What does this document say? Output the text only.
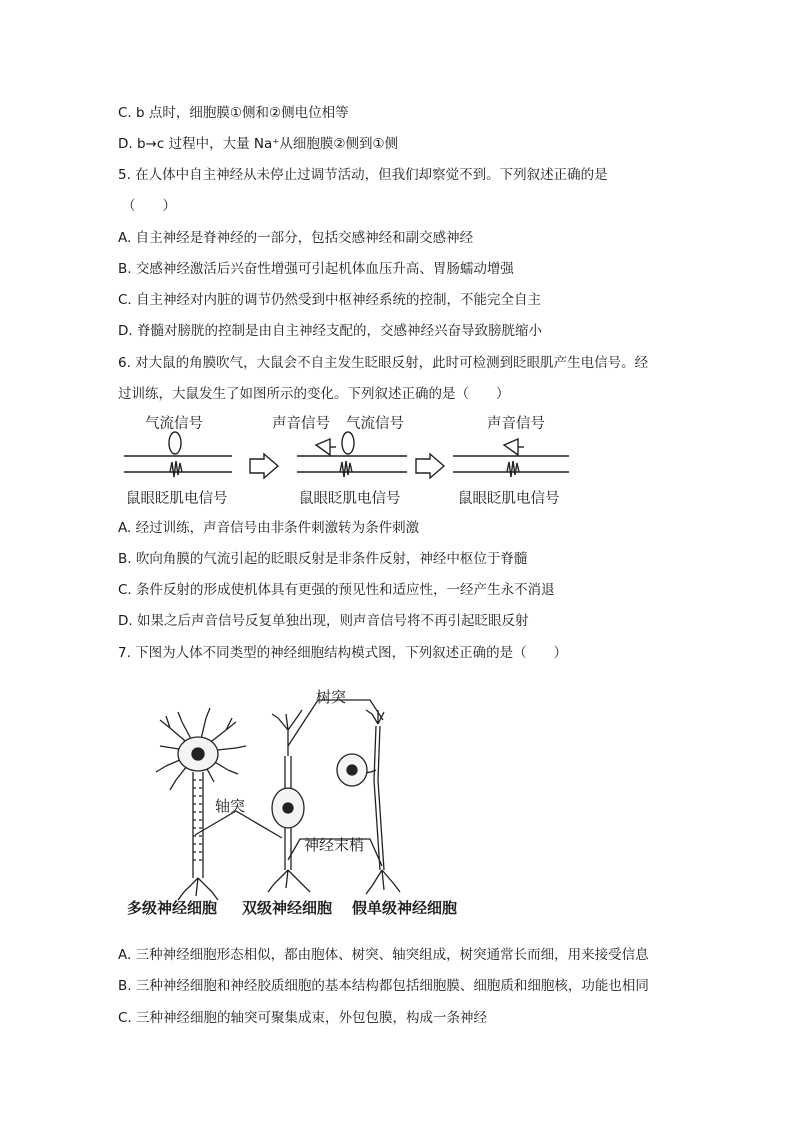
C. b 点时，细胞膜①侧和②侧电位相等
D. b→c 过程中，大量 Na⁺从细胞膜②侧到①侧
5. 在人体中自主神经从未停止过调节活动，但我们却察觉不到。下列叙述正确的是
（　　）
A. 自主神经是脊神经的一部分，包括交感神经和副交感神经
B. 交感神经激活后兴奋性增强可引起机体血压升高、胃肠蠕动增强
C. 自主神经对内脏的调节仍然受到中枢神经系统的控制，不能完全自主
D. 脊髓对膀胱的控制是由自主神经支配的，交感神经兴奋导致膀胱缩小
6. 对大鼠的角膜吹气，大鼠会不自主发生眨眼反射，此时可检测到眨眼肌产生电信号。经
过训练，大鼠发生了如图所示的变化。下列叙述正确的是（　　）
气流信号	声音信号 气流信号	声音信号
鼠眼眨肌电信号	鼠眼眨肌电信号	鼠眼眨肌电信号
A. 经过训练，声音信号由非条件刺激转为条件刺激
B. 吹向角膜的气流引起的眨眼反射是非条件反射，神经中枢位于脊髓
C. 条件反射的形成使机体具有更强的预见性和适应性，一经产生永不消退
D. 如果之后声音信号反复单独出现，则声音信号将不再引起眨眼反射
7. 下图为人体不同类型的神经细胞结构模式图，下列叙述正确的是（　　）
树突
轴突
神经末梢
多级神经细胞 双级神经细胞 假单级神经细胞
A. 三种神经细胞形态相似，都由胞体、树突、轴突组成，树突通常长而细，用来接受信息
B. 三种神经细胞和神经胶质细胞的基本结构都包括细胞膜、细胞质和细胞核，功能也相同
C. 三种神经细胞的轴突可聚集成束，外包包膜，构成一条神经
